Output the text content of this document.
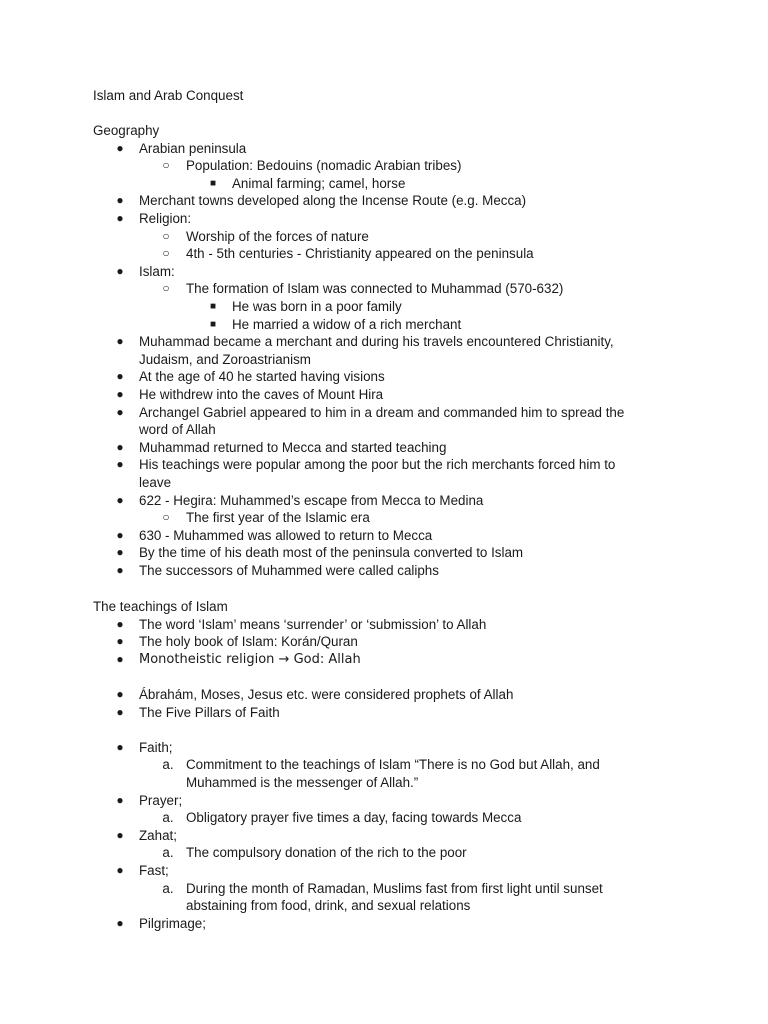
Islam and Arab Conquest
Geography
● Arabian peninsula
○ Population: Bedouins (nomadic Arabian tribes)
■ Animal farming; camel, horse
● Merchant towns developed along the Incense Route (e.g. Mecca)
● Religion:
○ Worship of the forces of nature
○ 4th - 5th centuries - Christianity appeared on the peninsula
● Islam:
○ The formation of Islam was connected to Muhammad (570-632)
■ He was born in a poor family
■ He married a widow of a rich merchant
● Muhammad became a merchant and during his travels encountered Christianity,
Judaism, and Zoroastrianism
● At the age of 40 he started having visions
● He withdrew into the caves of Mount Hira
● Archangel Gabriel appeared to him in a dream and commanded him to spread the
word of Allah
● Muhammad returned to Mecca and started teaching
● His teachings were popular among the poor but the rich merchants forced him to
leave
● 622 - Hegira: Muhammed’s escape from Mecca to Medina
○ The first year of the Islamic era
● 630 - Muhammed was allowed to return to Mecca
● By the time of his death most of the peninsula converted to Islam
● The successors of Muhammed were called caliphs
The teachings of Islam
● The word ‘Islam’ means ‘surrender’ or ‘submission’ to Allah
● The holy book of Islam: Korán/Quran
● Monotheistic religion → God: Allah
● Ábrahám, Moses, Jesus etc. were considered prophets of Allah
● The Five Pillars of Faith
● Faith;
a. Commitment to the teachings of Islam “There is no God but Allah, and
Muhammed is the messenger of Allah.”
● Prayer;
a. Obligatory prayer five times a day, facing towards Mecca
● Zahat;
a. The compulsory donation of the rich to the poor
● Fast;
a. During the month of Ramadan, Muslims fast from first light until sunset
abstaining from food, drink, and sexual relations
● Pilgrimage;
